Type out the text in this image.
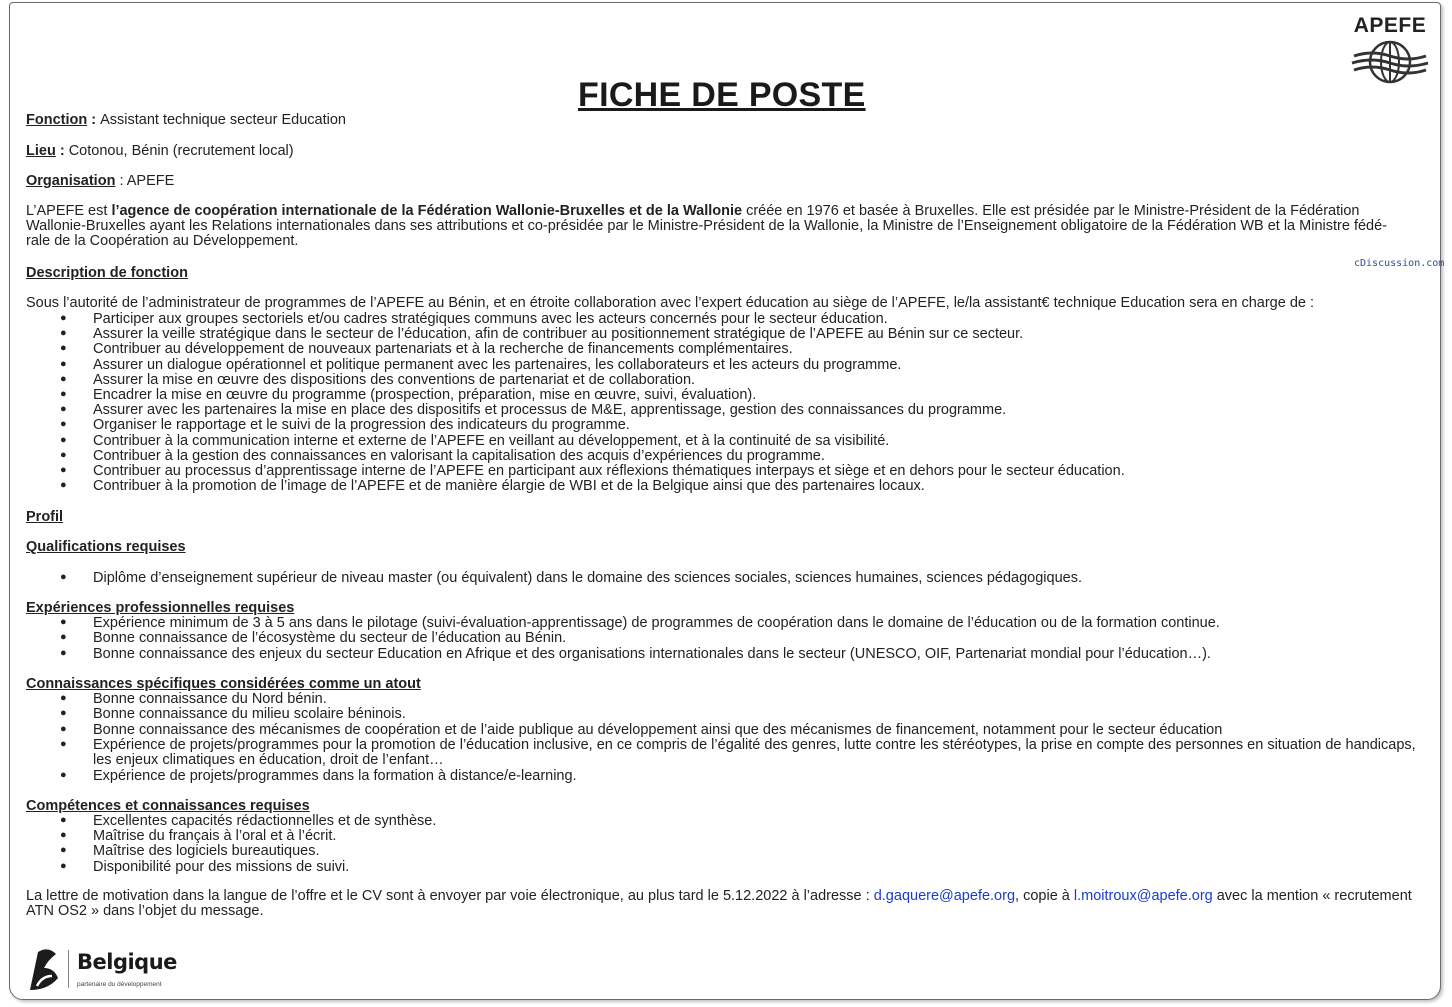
APEFE
FICHE DE POSTE
Fonction : Assistant technique secteur Education
Lieu : Cotonou, Bénin (recrutement local)
Organisation : APEFE
L’APEFE est l’agence de coopération internationale de la Fédération Wallonie-Bruxelles et de la Wallonie créée en 1976 et basée à Bruxelles. Elle est présidée par le Ministre-Président de la Fédération
Wallonie-Bruxelles ayant les Relations internationales dans ses attributions et co-présidée par le Ministre-Président de la Wallonie, la Ministre de l’Enseignement obligatoire de la Fédération WB et la Ministre fédé-
rale de la Coopération au Développement.
Description de fonction
cDiscussion.com
Sous l’autorité de l’administrateur de programmes de l’APEFE au Bénin, et en étroite collaboration avec l’expert éducation au siège de l’APEFE, le/la assistant€ technique Education sera en charge de :
● Participer aux groupes sectoriels et/ou cadres stratégiques communs avec les acteurs concernés pour le secteur éducation.
● Assurer la veille stratégique dans le secteur de l’éducation, afin de contribuer au positionnement stratégique de l’APEFE au Bénin sur ce secteur.
● Contribuer au développement de nouveaux partenariats et à la recherche de financements complémentaires.
● Assurer un dialogue opérationnel et politique permanent avec les partenaires, les collaborateurs et les acteurs du programme.
● Assurer la mise en œuvre des dispositions des conventions de partenariat et de collaboration.
● Encadrer la mise en œuvre du programme (prospection, préparation, mise en œuvre, suivi, évaluation).
● Assurer avec les partenaires la mise en place des dispositifs et processus de M&E, apprentissage, gestion des connaissances du programme.
● Organiser le rapportage et le suivi de la progression des indicateurs du programme.
● Contribuer à la communication interne et externe de l’APEFE en veillant au développement, et à la continuité de sa visibilité.
● Contribuer à la gestion des connaissances en valorisant la capitalisation des acquis d’expériences du programme.
● Contribuer au processus d’apprentissage interne de l’APEFE en participant aux réflexions thématiques interpays et siège et en dehors pour le secteur éducation.
● Contribuer à la promotion de l’image de l’APEFE et de manière élargie de WBI et de la Belgique ainsi que des partenaires locaux.
Profil
Qualifications requises
● Diplôme d’enseignement supérieur de niveau master (ou équivalent) dans le domaine des sciences sociales, sciences humaines, sciences pédagogiques.
Expériences professionnelles requises
● Expérience minimum de 3 à 5 ans dans le pilotage (suivi-évaluation-apprentissage) de programmes de coopération dans le domaine de l’éducation ou de la formation continue.
● Bonne connaissance de l’écosystème du secteur de l’éducation au Bénin.
● Bonne connaissance des enjeux du secteur Education en Afrique et des organisations internationales dans le secteur (UNESCO, OIF, Partenariat mondial pour l’éducation…).
Connaissances spécifiques considérées comme un atout
● Bonne connaissance du Nord bénin.
● Bonne connaissance du milieu scolaire béninois.
● Bonne connaissance des mécanismes de coopération et de l’aide publique au développement ainsi que des mécanismes de financement, notamment pour le secteur éducation
● Expérience de projets/programmes pour la promotion de l’éducation inclusive, en ce compris de l’égalité des genres, lutte contre les stéréotypes, la prise en compte des personnes en situation de handicaps,
les enjeux climatiques en éducation, droit de l’enfant…
● Expérience de projets/programmes dans la formation à distance/e-learning.
Compétences et connaissances requises
● Excellentes capacités rédactionnelles et de synthèse.
● Maîtrise du français à l’oral et à l’écrit.
● Maîtrise des logiciels bureautiques.
● Disponibilité pour des missions de suivi.
La lettre de motivation dans la langue de l’offre et le CV sont à envoyer par voie électronique, au plus tard le 5.12.2022 à l’adresse : d.gaquere@apefe.org, copie à l.moitroux@apefe.org avec la mention « recrutement
ATN OS2 » dans l’objet du message.
Belgique
partenaire du développement
